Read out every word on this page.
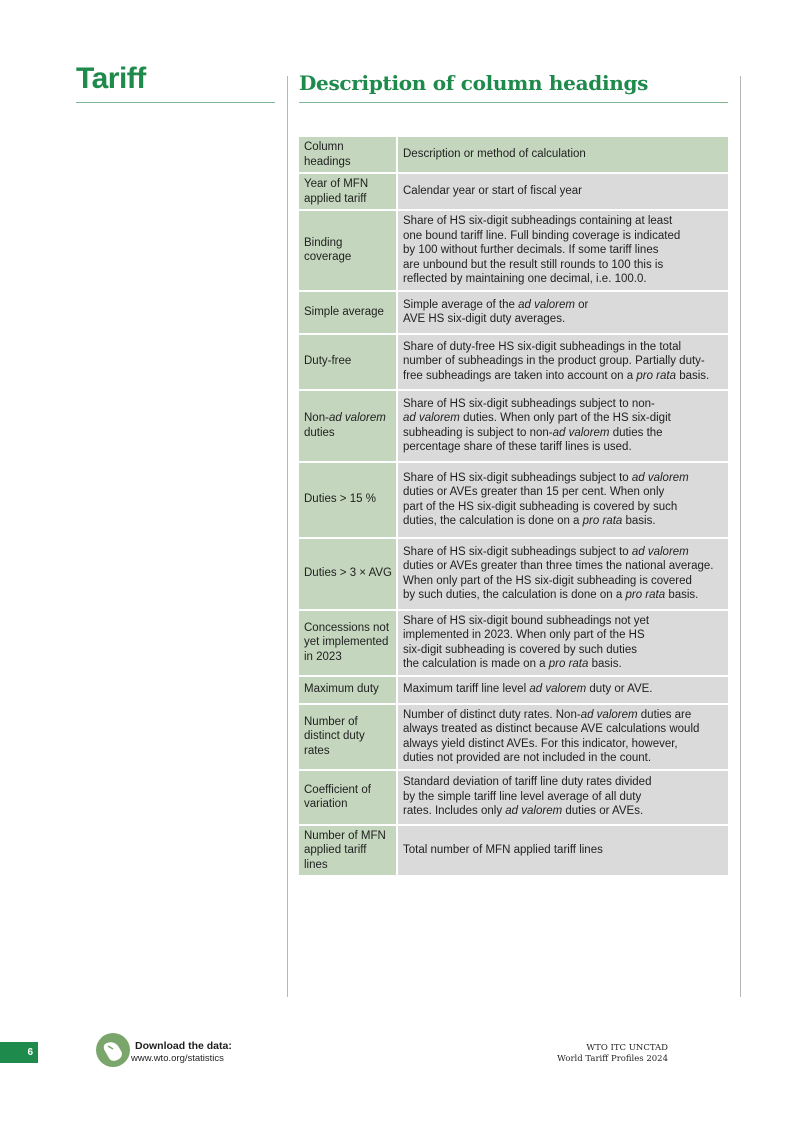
Tariff	Description of column headings
Column headings	Description or method of calculation
Year of MFN applied tariff	Calendar year or start of fiscal year
Binding coverage	Share of HS six-digit subheadings containing at least
one bound tariff line. Full binding coverage is indicated
by 100 without further decimals. If some tariff lines
are unbound but the result still rounds to 100 this is
reflected by maintaining one decimal, i.e. 100.0.
Simple average	Simple average of the ad valorem or
AVE HS six-digit duty averages.
Duty-free	Share of duty-free HS six-digit subheadings in the total
number of subheadings in the product group. Partially duty-
free subheadings are taken into account on a pro rata basis.
Non-ad valorem
duties	Share of HS six-digit subheadings subject to non-
ad valorem duties. When only part of the HS six-digit
subheading is subject to non-ad valorem duties the
percentage share of these tariff lines is used.
Duties > 15 %	Share of HS six-digit subheadings subject to ad valorem
duties or AVEs greater than 15 per cent. When only
part of the HS six-digit subheading is covered by such
duties, the calculation is done on a pro rata basis.
Duties > 3 × AVG	Share of HS six-digit subheadings subject to ad valorem
duties or AVEs greater than three times the national average.
When only part of the HS six-digit subheading is covered
by such duties, the calculation is done on a pro rata basis.
Concessions not yet implemented in 2023	Share of HS six-digit bound subheadings not yet
implemented in 2023. When only part of the HS
six-digit subheading is covered by such duties
the calculation is made on a pro rata basis.
Maximum duty	Maximum tariff line level ad valorem duty or AVE.
Number of distinct duty rates	Number of distinct duty rates. Non-ad valorem duties are
always treated as distinct because AVE calculations would
always yield distinct AVEs. For this indicator, however,
duties not provided are not included in the count.
Coefficient of variation	Standard deviation of tariff line duty rates divided
by the simple tariff line level average of all duty
rates. Includes only ad valorem duties or AVEs.
Number of MFN applied tariff lines	Total number of MFN applied tariff lines
6
Download the data:
www.wto.org/statistics
WTO ITC UNCTAD
World Tariff Profiles 2024
